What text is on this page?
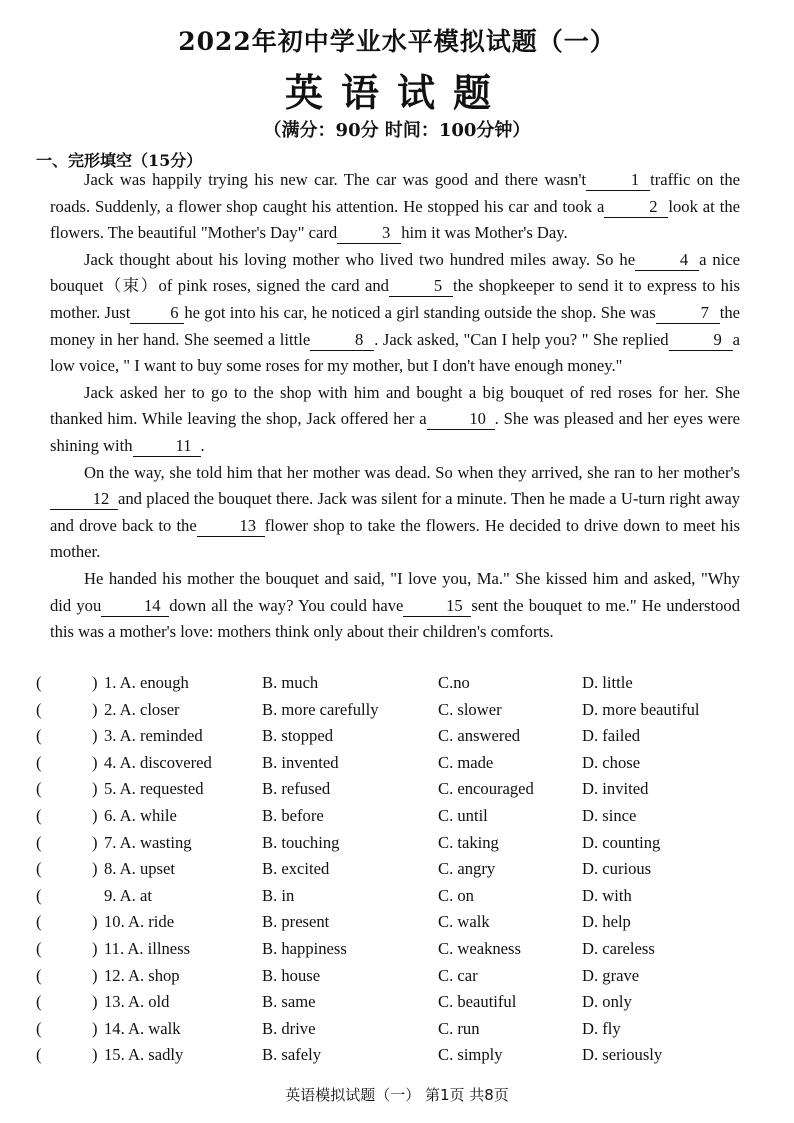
2022年初中学业水平模拟试题（一）
英语试题
（满分：90分 时间：100分钟）
一、完形填空（15分）

Jack was happily trying his new car. The car was good and there wasn't	1 traffic on the roads. Suddenly, a flower shop caught his attention. He stopped his car and took a	2 look at the flowers. The beautiful "Mother's Day" card	3 him it was Mother's Day.

Jack thought about his loving mother who lived two hundred miles away. So he	4 a nice bouquet（束）of pink roses, signed the card and	5 the shopkeeper to send it to express to his mother. Just 6 he got into his car, he noticed a girl standing outside the shop. She was	7 the money in her hand. She seemed a little	8 . Jack asked, "Can I help you? " She replied	9 a low voice, " I want to buy some roses for my mother, but I don't have enough money."

Jack asked her to go to the shop with him and bought a big bouquet of red roses for her. She thanked him. While leaving the shop, Jack offered her a	10 . She was pleased and her eyes were shining with	11 .

On the way, she told him that her mother was dead. So when they arrived, she ran to her mother's12 and placed the bouquet there. Jack was silent for a minute. Then he made a U-turn right away and drove back to the	13 flower shop to take the flowers. He decided to drive down to meet his mother.

He handed his mother the bouquet and said, "I love you, Ma." She kissed him and asked, "Why did you	14 down all the way? You could have	15 sent the bouquet to me." He understood this was a mother's love: mothers think only about their children's comforts.

(	) 1. A. enough	B. much	C.no	D. little
(	) 2. A. closer	B. more carefully	C. slower	D. more beautiful
(	) 3. A. reminded	B. stopped	C. answered	D. failed
(	) 4. A. discovered	B. invented	C. made	D. chose
(	) 5. A. requested	B. refused	C. encouraged	D. invited
(	) 6. A. while	B. before	C. until	D. since
(	) 7. A. wasting	B. touching	C. taking	D. counting
(	) 8. A. upset	B. excited	C. angry	D. curious
(	9. A. at	B. in	C. on	D. with
(	) 10. A. ride	B. present	C. walk	D. help
(	) 11. A. illness	B. happiness	C. weakness	D. careless
(	) 12. A. shop	B. house	C. car	D. grave
(	) 13. A. old	B. same	C. beautiful	D. only
(	) 14. A. walk	B. drive	C. run	D. fly
(	) 15. A. sadly	B. safely	C. simply	D. seriously
英语模拟试题（一） 第1页 共8页
